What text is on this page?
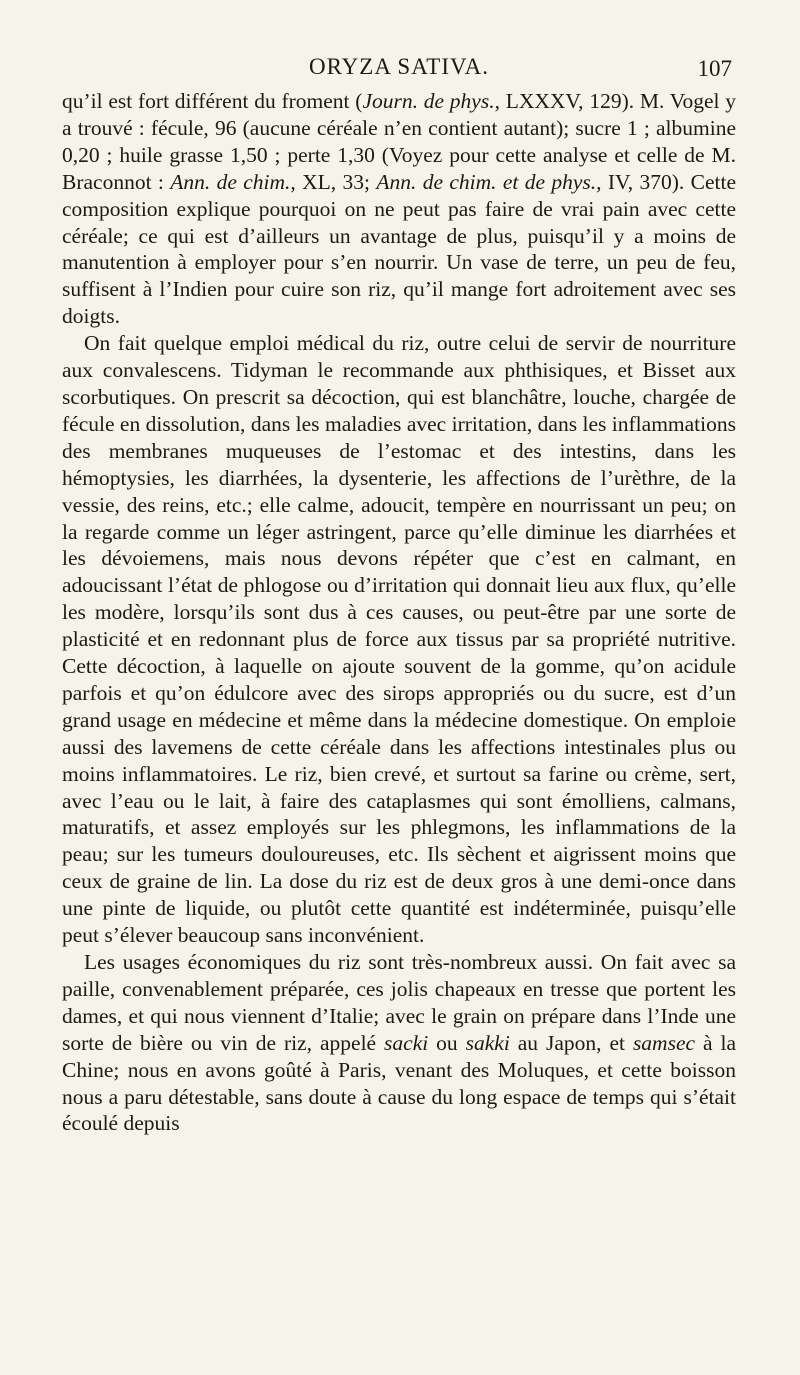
ORYZA SATIVA.	107

qu’il est fort différent du froment (Journ. de phys., LXXXV, 129). M. Vogel y a trouvé : fécule, 96 (aucune céréale n’en contient autant); sucre 1 ; albumine 0,20 ; huile grasse 1,50 ; perte 1,30 (Voyez pour cette analyse et celle de M. Braconnot : Ann. de chim., XL, 33; Ann. de chim. et de phys., IV, 370). Cette composition explique pourquoi on ne peut pas faire de vrai pain avec cette céréale; ce qui est d’ailleurs un avantage de plus, puisqu’il y a moins de manutention à employer pour s’en nourrir. Un vase de terre, un peu de feu, suffisent à l’Indien pour cuire son riz, qu’il mange fort adroitement avec ses doigts.

On fait quelque emploi médical du riz, outre celui de servir de nourriture aux convalescens. Tidyman le recommande aux phthisiques, et Bisset aux scorbutiques. On prescrit sa décoction, qui est blanchâtre, louche, chargée de fécule en dissolution, dans les maladies avec irritation, dans les inflammations des membranes muqueuses de l’estomac et des intestins, dans les hémoptysies, les diarrhées, la dysenterie, les affections de l’urèthre, de la vessie, des reins, etc.; elle calme, adoucit, tempère en nourrissant un peu; on la regarde comme un léger astringent, parce qu’elle diminue les diarrhées et les dévoiemens, mais nous devons répéter que c’est en calmant, en adoucissant l’état de phlogose ou d’irritation qui donnait lieu aux flux, qu’elle les modère, lorsqu’ils sont dus à ces causes, ou peut-être par une sorte de plasticité et en redonnant plus de force aux tissus par sa propriété nutritive. Cette décoction, à laquelle on ajoute souvent de la gomme, qu’on acidule parfois et qu’on édulcore avec des sirops appropriés ou du sucre, est d’un grand usage en médecine et même dans la médecine domestique. On emploie aussi des lavemens de cette céréale dans les affections intestinales plus ou moins inflammatoires. Le riz, bien crevé, et surtout sa farine ou crème, sert, avec l’eau ou le lait, à faire des cataplasmes qui sont émolliens, calmans, maturatifs, et assez employés sur les phlegmons, les inflammations de la peau; sur les tumeurs douloureuses, etc. Ils sèchent et aigrissent moins que ceux de graine de lin. La dose du riz est de deux gros à une demi-once dans une pinte de liquide, ou plutôt cette quantité est indéterminée, puisqu’elle peut s’élever beaucoup sans inconvénient.

Les usages économiques du riz sont très-nombreux aussi. On fait avec sa paille, convenablement préparée, ces jolis chapeaux en tresse que portent les dames, et qui nous viennent d’Italie; avec le grain on prépare dans l’Inde une sorte de bière ou vin de riz, appelé sacki ou sakki au Japon, et samsec à la Chine; nous en avons goûté à Paris, venant des Moluques, et cette boisson nous a paru détestable, sans doute à cause du long espace de temps qui s’était écoulé depuis
